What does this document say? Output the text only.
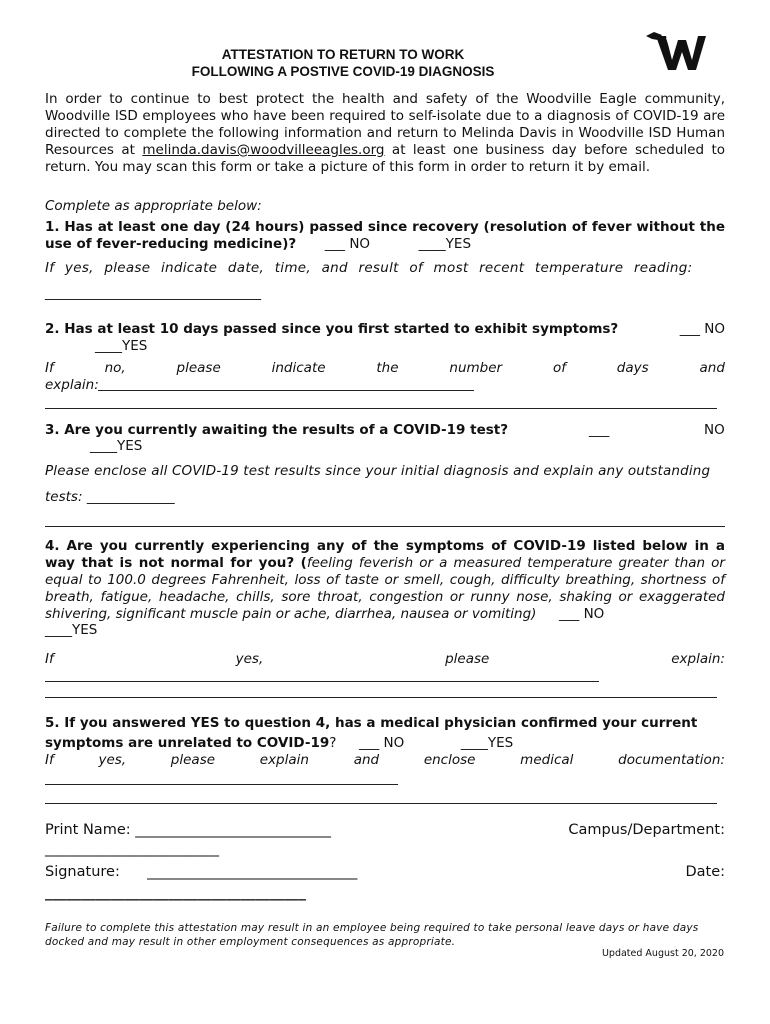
ATTESTATION TO RETURN TO WORK
FOLLOWING A POSTIVE COVID-19 DIAGNOSIS
In order to continue to best protect the health and safety of the Woodville Eagle community, Woodville ISD employees who have been required to self-isolate due to a diagnosis of COVID-19 are directed to complete the following information and return to Melinda Davis in Woodville ISD Human Resources at melinda.davis@woodvilleeagles.org at least one business day before scheduled to return. You may scan this form or take a picture of this form in order to return it by email.
Complete as appropriate below:
1. Has at least one day (24 hours) passed since recovery (resolution of fever without the use of fever-reducing medicine)? ___ NO	____YES
If yes, please indicate date, time, and result of most recent temperature reading:
________________________________
2. Has at least 10 days passed since you first started to exhibit symptoms?	___ NO
____YES
If	no,	please	indicate	the	number	of	days	and
explain:
3. Are you currently awaiting the results of a COVID-19 test?	___	NO
____YES
Please enclose all COVID-19 test results since your initial diagnosis and explain any outstanding
tests: _____________
4. Are you currently experiencing any of the symptoms of COVID-19 listed below in a way that is not normal for you? (feeling feverish or a measured temperature greater than or equal to 100.0 degrees Fahrenheit, loss of taste or smell, cough, difficulty breathing, shortness of breath, fatigue, headache, chills, sore throat, congestion or runny nose, shaking or exaggerated shivering, significant muscle pain or ache, diarrhea, nausea or vomiting) ___ NO
____YES
If	yes,	please	explain:
5. If you answered YES to question 4, has a medical physician confirmed your current symptoms are unrelated to COVID-19? ___ NO	____YES
If	yes,	please	explain	and	enclose	medical	documentation:
Print Name: ___________________________	Campus/Department:
________________________
Signature: _____________________________	Date:
____________________________________
Failure to complete this attestation may result in an employee being required to take personal leave days or have days docked and may result in other employment consequences as appropriate.
Updated August 20, 2020
